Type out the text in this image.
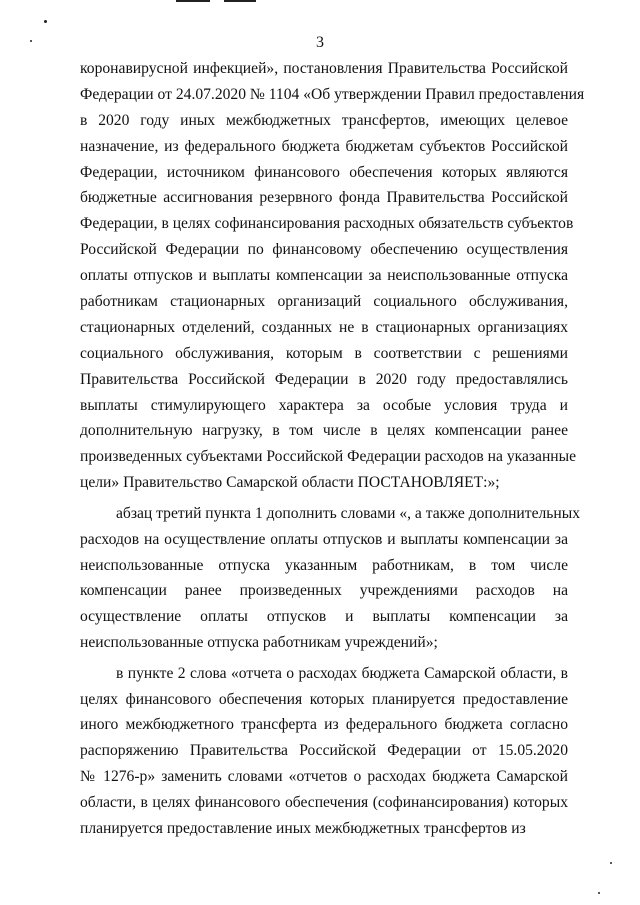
3
коронавирусной инфекцией», постановления Правительства Российской
Федерации от 24.07.2020 № 1104 «Об утверждении Правил предоставления
в 2020 году иных межбюджетных трансфертов, имеющих целевое
назначение, из федерального бюджета бюджетам субъектов Российской
Федерации, источником финансового обеспечения которых являются
бюджетные ассигнования резервного фонда Правительства Российской
Федерации, в целях софинансирования расходных обязательств субъектов
Российской Федерации по финансовому обеспечению осуществления
оплаты отпусков и выплаты компенсации за неиспользованные отпуска
работникам стационарных организаций социального обслуживания,
стационарных отделений, созданных не в стационарных организациях
социального обслуживания, которым в соответствии с решениями
Правительства Российской Федерации в 2020 году предоставлялись
выплаты стимулирующего характера за особые условия труда и
дополнительную нагрузку, в том числе в целях компенсации ранее
произведенных субъектами Российской Федерации расходов на указанные
цели» Правительство Самарской области ПОСТАНОВЛЯЕТ:»;
абзац третий пункта 1 дополнить словами «, а также дополнительных
расходов на осуществление оплаты отпусков и выплаты компенсации за
неиспользованные отпуска указанным работникам, в том числе
компенсации ранее произведенных учреждениями расходов на
осуществление оплаты отпусков и выплаты компенсации за
неиспользованные отпуска работникам учреждений»;
в пункте 2 слова «отчета о расходах бюджета Самарской области, в
целях финансового обеспечения которых планируется предоставление
иного межбюджетного трансферта из федерального бюджета согласно
распоряжению Правительства Российской Федерации от 15.05.2020
№ 1276-р» заменить словами «отчетов о расходах бюджета Самарской
области, в целях финансового обеспечения (софинансирования) которых
планируется предоставление иных межбюджетных трансфертов из
